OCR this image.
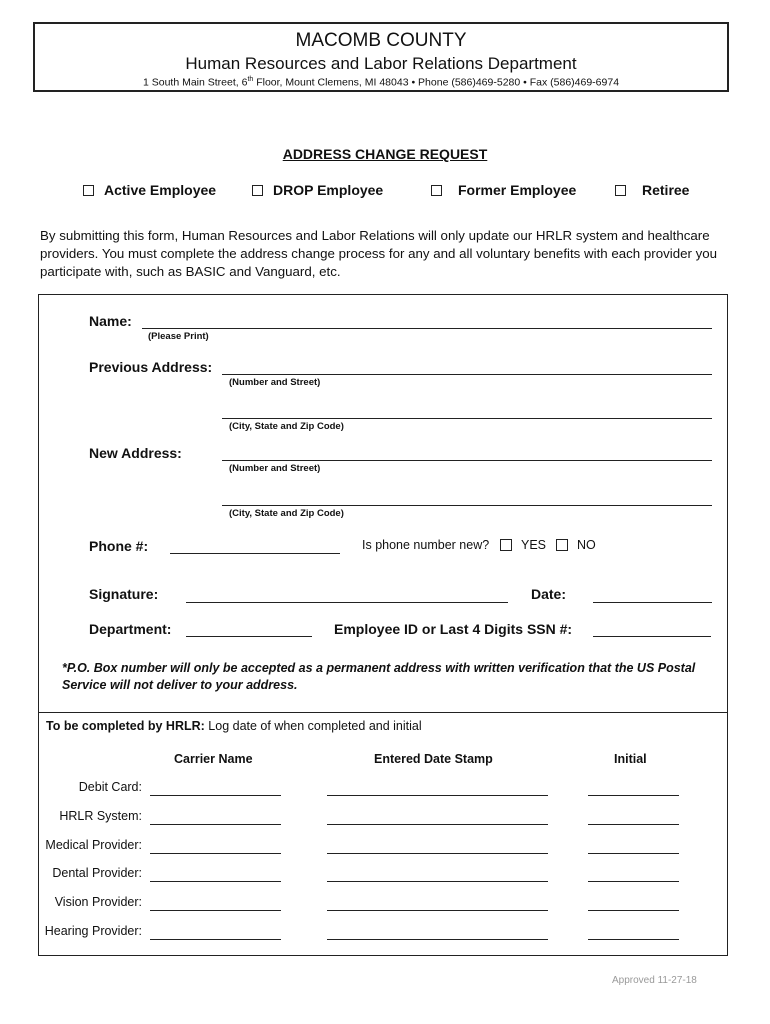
MACOMB COUNTY
Human Resources and Labor Relations Department
1 South Main Street, 6th Floor, Mount Clemens, MI 48043 • Phone (586)469-5280 • Fax (586)469-6974
ADDRESS CHANGE REQUEST
Active Employee	DROP Employee	Former Employee	Retiree
By submitting this form, Human Resources and Labor Relations will only update our HRLR system and healthcare providers. You must complete the address change process for any and all voluntary benefits with each provider you participate with, such as BASIC and Vanguard, etc.
Name:
(Please Print)
Previous Address:
(Number and Street)
(City, State and Zip Code)
New Address:
(Number and Street)
(City, State and Zip Code)
Phone #:	Is phone number new?	YES NO
Signature:	Date:
Department:	Employee ID or Last 4 Digits SSN #:
*P.O. Box number will only be accepted as a permanent address with written verification that the US Postal Service will not deliver to your address.
To be completed by HRLR: Log date of when completed and initial
Carrier Name	Entered Date Stamp	Initial
Debit Card:
HRLR System:
Medical Provider:
Dental Provider:
Vision Provider:
Hearing Provider:
Approved 11-27-18
